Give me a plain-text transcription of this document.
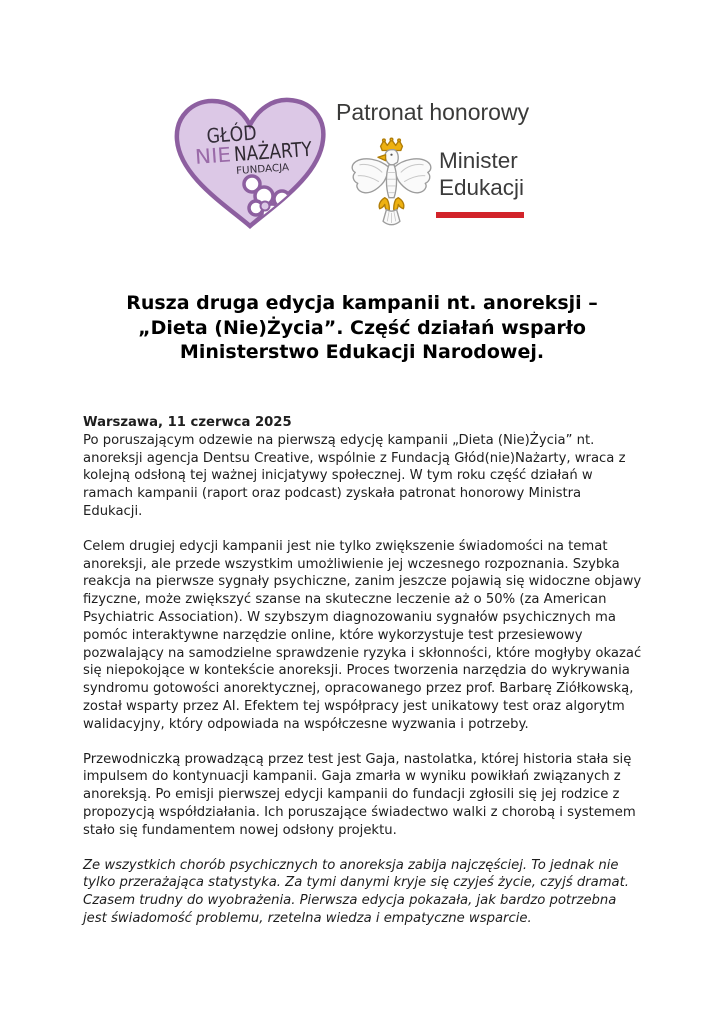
GŁÓD
NIE NAŻARTY
FUNDACJA
Patronat honorowy
Minister
Edukacji
Rusza druga edycja kampanii nt. anoreksji –
„Dieta (Nie)Życia”. Część działań wsparło
Ministerstwo Edukacji Narodowej.

Warszawa, 11 czerwca 2025

Po poruszającym odzewie na pierwszą edycję kampanii „Dieta (Nie)Życia” nt. anoreksji agencja Dentsu Creative, wspólnie z Fundacją Głód(nie)Nażarty, wraca z kolejną odsłoną tej ważnej inicjatywy społecznej. W tym roku część działań w ramach kampanii (raport oraz podcast) zyskała patronat honorowy Ministra Edukacji.

Celem drugiej edycji kampanii jest nie tylko zwiększenie świadomości na temat anoreksji, ale przede wszystkim umożliwienie jej wczesnego rozpoznania. Szybka reakcja na pierwsze sygnały psychiczne, zanim jeszcze pojawią się widoczne objawy fizyczne, może zwiększyć szanse na skuteczne leczenie aż o 50% (za American Psychiatric Association). W szybszym diagnozowaniu sygnałów psychicznych ma pomóc interaktywne narzędzie online, które wykorzystuje test przesiewowy pozwalający na samodzielne sprawdzenie ryzyka i skłonności, które mogłyby okazać się niepokojące w kontekście anoreksji. Proces tworzenia narzędzia do wykrywania syndromu gotowości anorektycznej, opracowanego przez prof. Barbarę Ziółkowską, został wsparty przez AI. Efektem tej współpracy jest unikatowy test oraz algorytm walidacyjny, który odpowiada na współczesne wyzwania i potrzeby.

Przewodniczką prowadzącą przez test jest Gaja, nastolatka, której historia stała się impulsem do kontynuacji kampanii. Gaja zmarła w wyniku powikłań związanych z anoreksją. Po emisji pierwszej edycji kampanii do fundacji zgłosili się jej rodzice z propozycją współdziałania. Ich poruszające świadectwo walki z chorobą i systemem stało się fundamentem nowej odsłony projektu.

Ze wszystkich chorób psychicznych to anoreksja zabija najczęściej. To jednak nie tylko przerażająca statystyka. Za tymi danymi kryje się czyjeś życie, czyjś dramat. Czasem trudny do wyobrażenia. Pierwsza edycja pokazała, jak bardzo potrzebna jest świadomość problemu, rzetelna wiedza i empatyczne wsparcie.
